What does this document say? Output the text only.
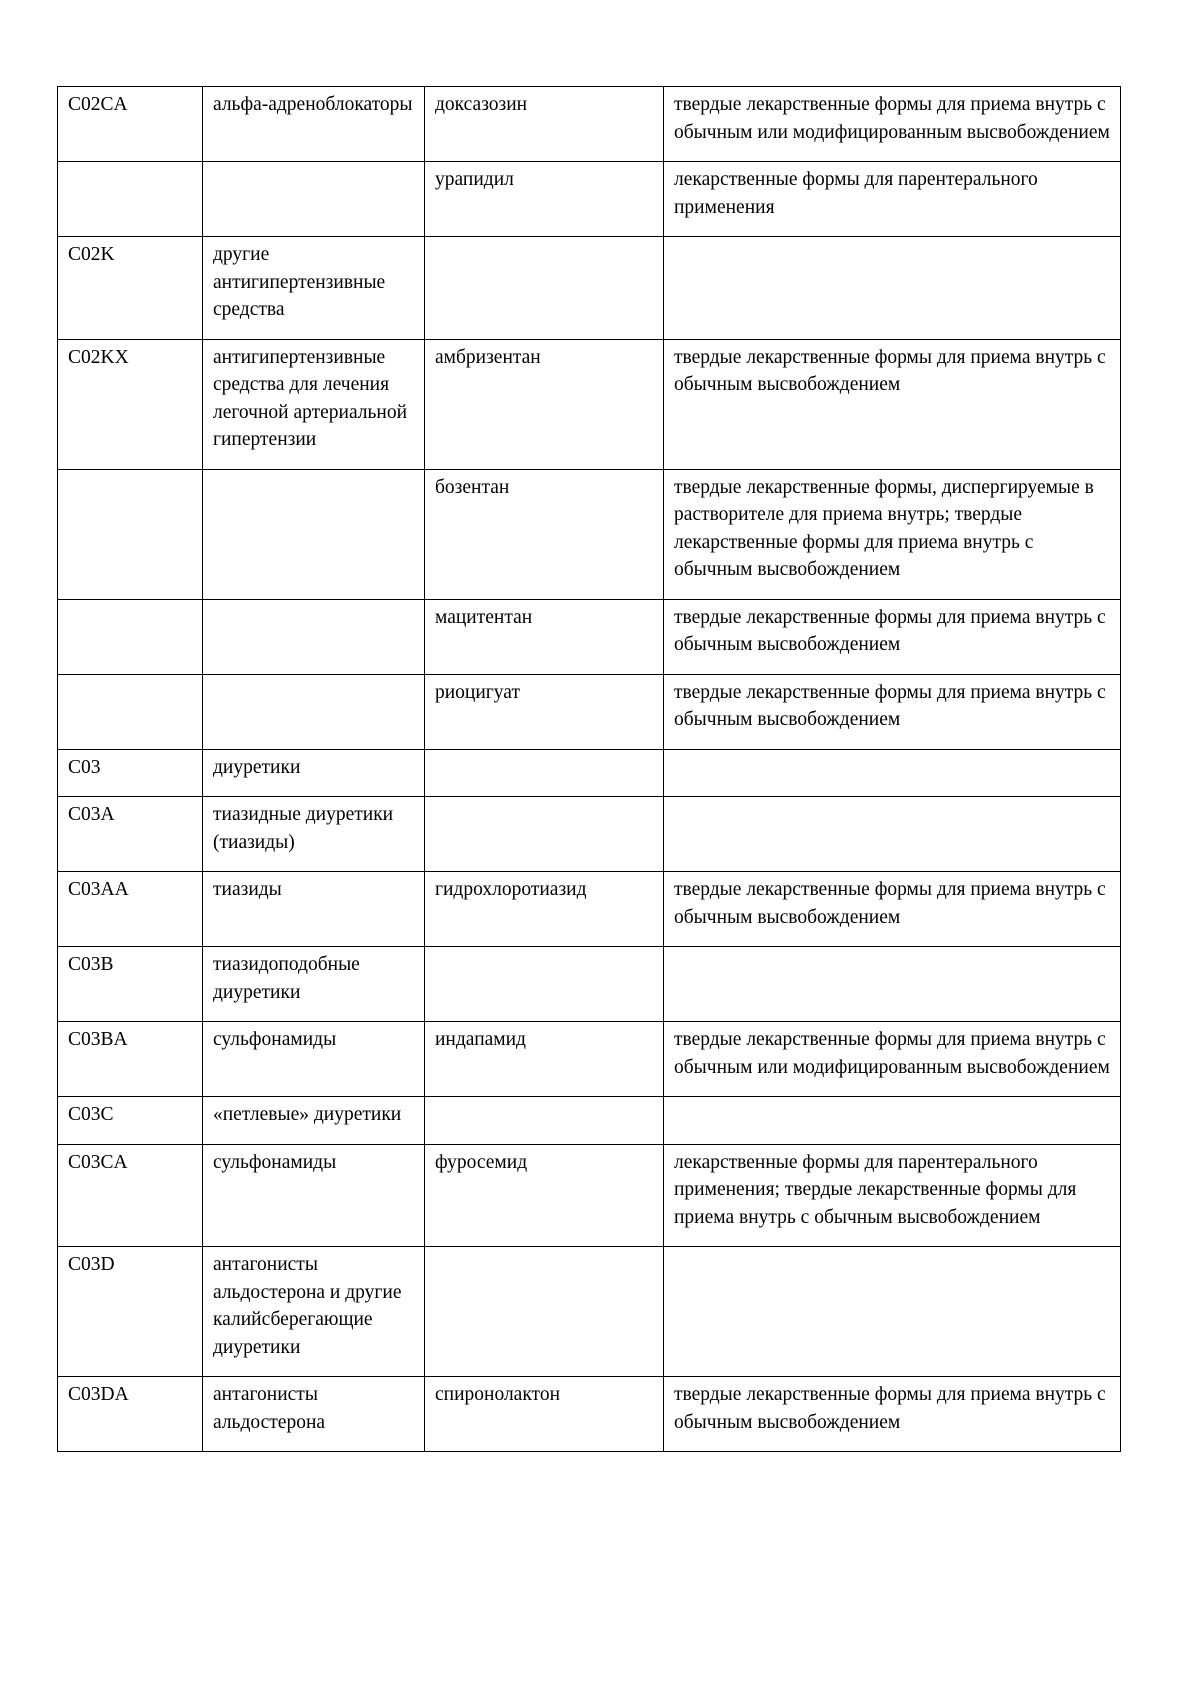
C02CA	альфа-адреноблокаторы	доксазозин	твердые лекарственные формы для приема внутрь с обычным или модифицированным высвобождением
		урапидил	лекарственные формы для парентерального применения
C02K	другие антигипертензивные средства		
C02KX	антигипертензивные средства для лечения легочной артериальной гипертензии	амбризентан	твердые лекарственные формы для приема внутрь с обычным высвобождением
		бозентан	твердые лекарственные формы, диспергируемые в растворителе для приема внутрь; твердые лекарственные формы для приема внутрь с обычным высвобождением
		мацитентан	твердые лекарственные формы для приема внутрь с обычным высвобождением
		риоцигуат	твердые лекарственные формы для приема внутрь с обычным высвобождением
C03	диуретики		
C03A	тиазидные диуретики (тиазиды)		
C03AA	тиазиды	гидрохлоротиазид	твердые лекарственные формы для приема внутрь с обычным высвобождением
C03B	тиазидоподобные диуретики		
C03BA	сульфонамиды	индапамид	твердые лекарственные формы для приема внутрь с обычным или модифицированным высвобождением
C03C	«петлевые» диуретики		
C03CA	сульфонамиды	фуросемид	лекарственные формы для парентерального применения; твердые лекарственные формы для приема внутрь с обычным высвобождением
C03D	антагонисты альдостерона и другие калийсберегающие диуретики		
C03DA	антагонисты альдостерона	спиронолактон	твердые лекарственные формы для приема внутрь с обычным высвобождением
